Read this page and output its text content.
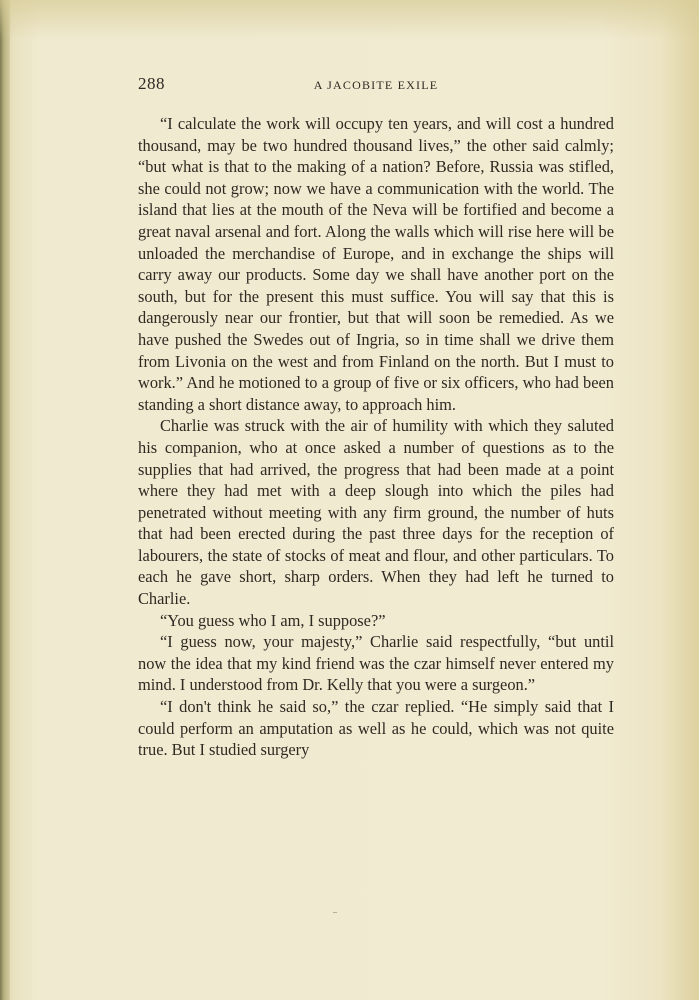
288	A JACOBITE EXILE

“I calculate the work will occupy ten years, and will cost a hundred thousand, may be two hundred thousand lives,” the other said calmly; “but what is that to the making of a nation? Before, Russia was stifled, she could not grow; now we have a communication with the world. The island that lies at the mouth of the Neva will be fortified and become a great naval arsenal and fort. Along the walls which will rise here will be unloaded the merchandise of Europe, and in exchange the ships will carry away our products. Some day we shall have another port on the south, but for the present this must suffice. You will say that this is dangerously near our frontier, but that will soon be remedied. As we have pushed the Swedes out of Ingria, so in time shall we drive them from Livonia on the west and from Finland on the north. But I must to work.” And he motioned to a group of five or six officers, who had been standing a short distance away, to approach him.

Charlie was struck with the air of humility with which they saluted his companion, who at once asked a number of questions as to the supplies that had arrived, the progress that had been made at a point where they had met with a deep slough into which the piles had penetrated without meeting with any firm ground, the number of huts that had been erected during the past three days for the reception of labourers, the state of stocks of meat and flour, and other particulars. To each he gave short, sharp orders. When they had left he turned to Charlie.

“You guess who I am, I suppose?”

“I guess now, your majesty,” Charlie said respectfully, “but until now the idea that my kind friend was the czar himself never entered my mind. I understood from Dr. Kelly that you were a surgeon.”

“I don't think he said so,” the czar replied. “He simply said that I could perform an amputation as well as he could, which was not quite true. But I studied surgery
